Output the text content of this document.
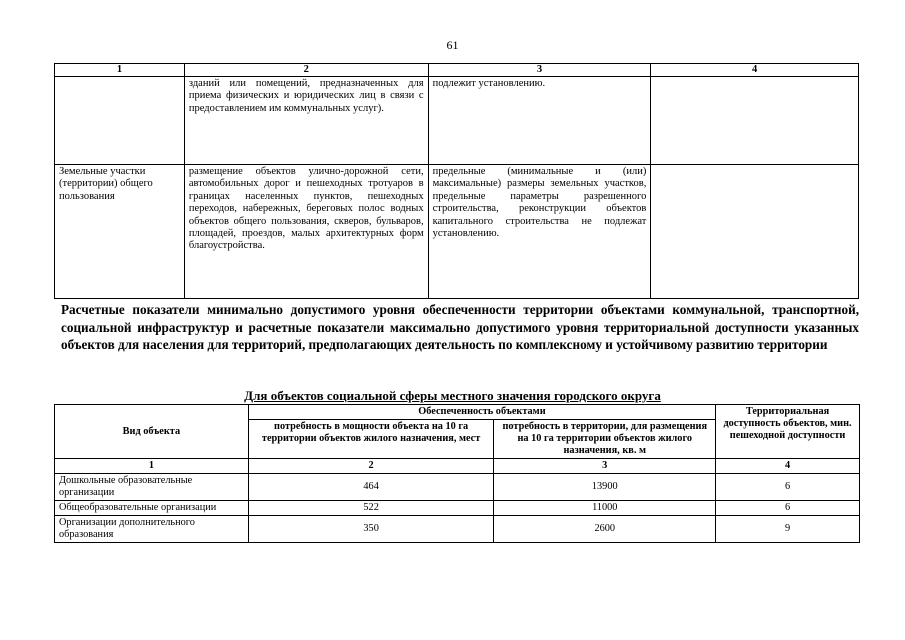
61
1	2	3	4
	зданий или помещений, предназначенных для приема физических и юридических лиц в связи с предоставлением им коммунальных услуг).	подлежит установлению.	
Земельные участки (территории) общего пользования	размещение объектов улично-дорожной сети, автомобильных дорог и пешеходных тротуаров в границах населенных пунктов, пешеходных переходов, набережных, береговых полос водных объектов общего пользования, скверов, бульваров, площадей, проездов, малых архитектурных форм благоустройства.	предельные (минимальные и (или) максимальные) размеры земельных участков, предельные параметры разрешенного строительства, реконструкции объектов капитального строительства не подлежат установлению.	
Расчетные показатели минимально допустимого уровня обеспеченности территории объектами коммунальной, транспортной, социальной инфраструктур и расчетные показатели максимально допустимого уровня территориальной доступности указанных объектов для населения для территорий, предполагающих деятельность по комплексному и устойчивому развитию территории
Для объектов социальной сферы местного значения городского округа
Вид объекта	Обеспеченность объектами		Территориальная доступность объектов, мин. пешеходной доступности
	потребность в мощности объекта на 10 га территории объектов жилого назначения, мест	потребность в территории, для размещения на 10 га территории объектов жилого назначения, кв. м	
1	2	3	4
Дошкольные образовательные организации	464	13900	6
Общеобразовательные организации	522	11000	6
Организации дополнительного образования	350	2600	9
